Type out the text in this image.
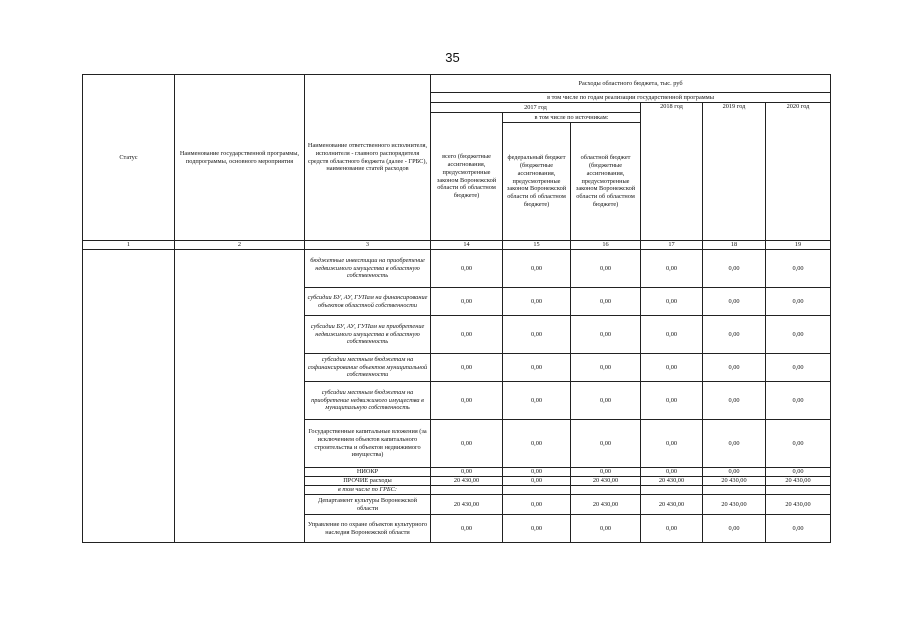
35
Статус	Наименование государственной программы, подпрограммы, основного мероприятия	Наименование ответственного исполнителя, исполнителя - главного распорядителя средств областного бюджета (далее - ГРБС), наименование статей расходов	Расходы областного бюджета, тыс. руб					
			в том числе по годам реализации государственной программы					
			2017 год			2018 год	2019 год	2020 год
			всего (бюджетные ассигнования, предусмотренные законом Воронежской области об областном бюджете)	в том числе по источникам:				
				федеральный бюджет (бюджетные ассигнования, предусмотренные законом Воронежской области об областном бюджете)	областной бюджет (бюджетные ассигнования, предусмотренные законом Воронежской области об областном бюджете)			
1	2	3	14	15	16	17	18	19
		бюджетные инвестиции на приобретение недвижимого имущества в областную собственность	0,00	0,00	0,00	0,00	0,00	0,00
		субсидии БУ, АУ, ГУПам на финансирование объектов областной собственности	0,00	0,00	0,00	0,00	0,00	0,00
		субсидии БУ, АУ, ГУПам на приобретение недвижимого имущества в областную собственность	0,00	0,00	0,00	0,00	0,00	0,00
		субсидии местным бюджетам на софинансирование объектов муниципальной собственности	0,00	0,00	0,00	0,00	0,00	0,00
		субсидии местным бюджетам на приобретение недвижимого имущества в муниципальную собственность	0,00	0,00	0,00	0,00	0,00	0,00
		Государственные капитальные вложения (за исключением объектов капитального строительства и объектов недвижимого имущества)	0,00	0,00	0,00	0,00	0,00	0,00
		НИОКР	0,00	0,00	0,00	0,00	0,00	0,00
		ПРОЧИЕ расходы	20 430,00	0,00	20 430,00	20 430,00	20 430,00	20 430,00
		в том числе по ГРБС:						
		Департамент культуры Воронежской области	20 430,00	0,00	20 430,00	20 430,00	20 430,00	20 430,00
		Управление по охране объектов культурного наследия Воронежской области	0,00	0,00	0,00	0,00	0,00	0,00
